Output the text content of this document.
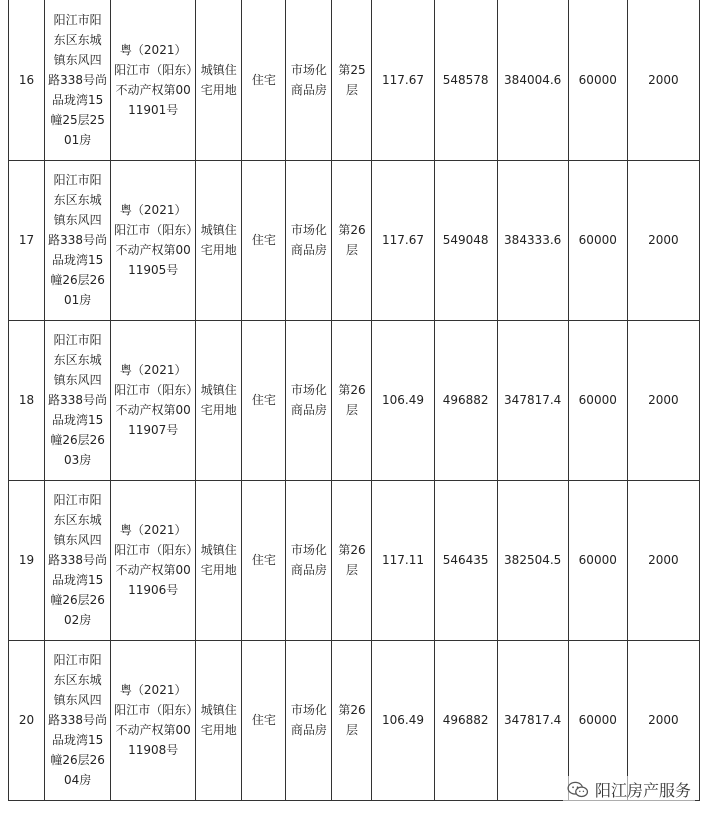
16	阳江市阳东区东城镇东风四路338号尚品珑湾15幢25层2501房	粤（2021）阳江市（阳东）不动产权第0011901号	城镇住宅用地	住宅	市场化商品房	第25层	117.67	548578	384004.6	60000	2000
17	阳江市阳东区东城镇东风四路338号尚品珑湾15幢26层2601房	粤（2021）阳江市（阳东）不动产权第0011905号	城镇住宅用地	住宅	市场化商品房	第26层	117.67	549048	384333.6	60000	2000
18	阳江市阳东区东城镇东风四路338号尚品珑湾15幢26层2603房	粤（2021）阳江市（阳东）不动产权第0011907号	城镇住宅用地	住宅	市场化商品房	第26层	106.49	496882	347817.4	60000	2000
19	阳江市阳东区东城镇东风四路338号尚品珑湾15幢26层2602房	粤（2021）阳江市（阳东）不动产权第0011906号	城镇住宅用地	住宅	市场化商品房	第26层	117.11	546435	382504.5	60000	2000
20	阳江市阳东区东城镇东风四路338号尚品珑湾15幢26层2604房	粤（2021）阳江市（阳东）不动产权第0011908号	城镇住宅用地	住宅	市场化商品房	第26层	106.49	496882	347817.4	60000	2000
阳江房产服务
